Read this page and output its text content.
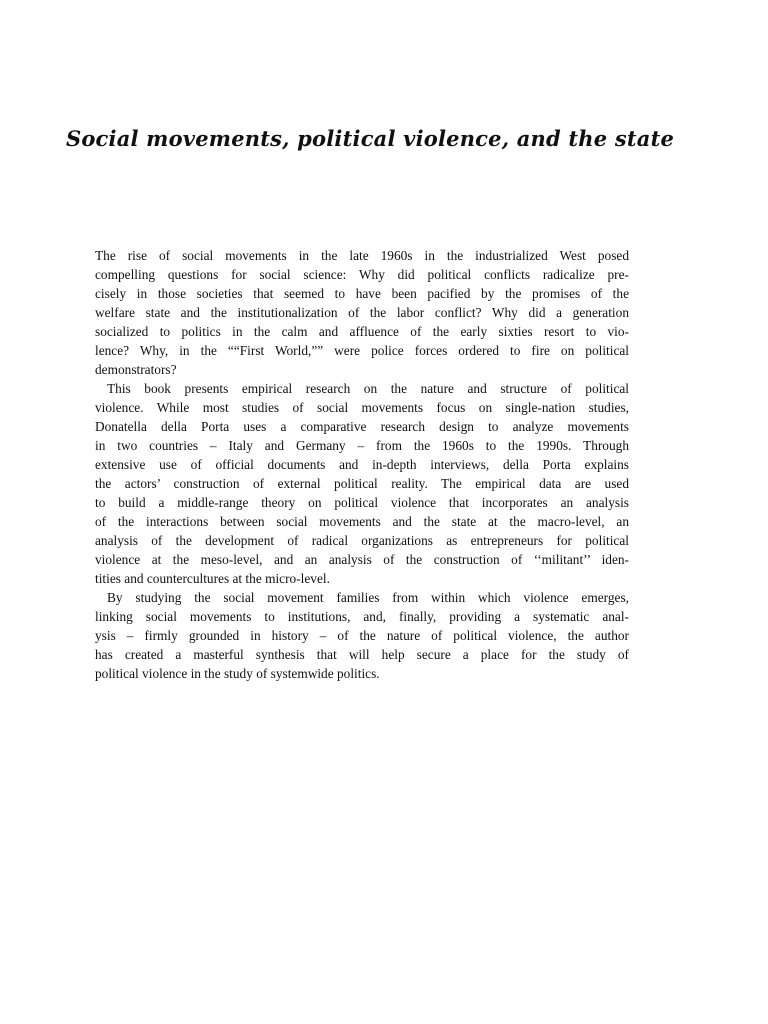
Social movements, political violence, and the state
The rise of social movements in the late 1960s in the industrialized West posed
compelling questions for social science: Why did political conflicts radicalize pre-
cisely in those societies that seemed to have been pacified by the promises of the
welfare state and the institutionalization of the labor conflict? Why did a generation
socialized to politics in the calm and affluence of the early sixties resort to vio-
lence? Why, in the ““First World,”” were police forces ordered to fire on political
demonstrators?
This book presents empirical research on the nature and structure of political
violence. While most studies of social movements focus on single-nation studies,
Donatella della Porta uses a comparative research design to analyze movements
in two countries – Italy and Germany – from the 1960s to the 1990s. Through
extensive use of official documents and in-depth interviews, della Porta explains
the actors’ construction of external political reality. The empirical data are used
to build a middle-range theory on political violence that incorporates an analysis
of the interactions between social movements and the state at the macro-level, an
analysis of the development of radical organizations as entrepreneurs for political
violence at the meso-level, and an analysis of the construction of ‘‘militant’’ iden-
tities and countercultures at the micro-level.
By studying the social movement families from within which violence emerges,
linking social movements to institutions, and, finally, providing a systematic anal-
ysis – firmly grounded in history – of the nature of political violence, the author
has created a masterful synthesis that will help secure a place for the study of
political violence in the study of systemwide politics.
